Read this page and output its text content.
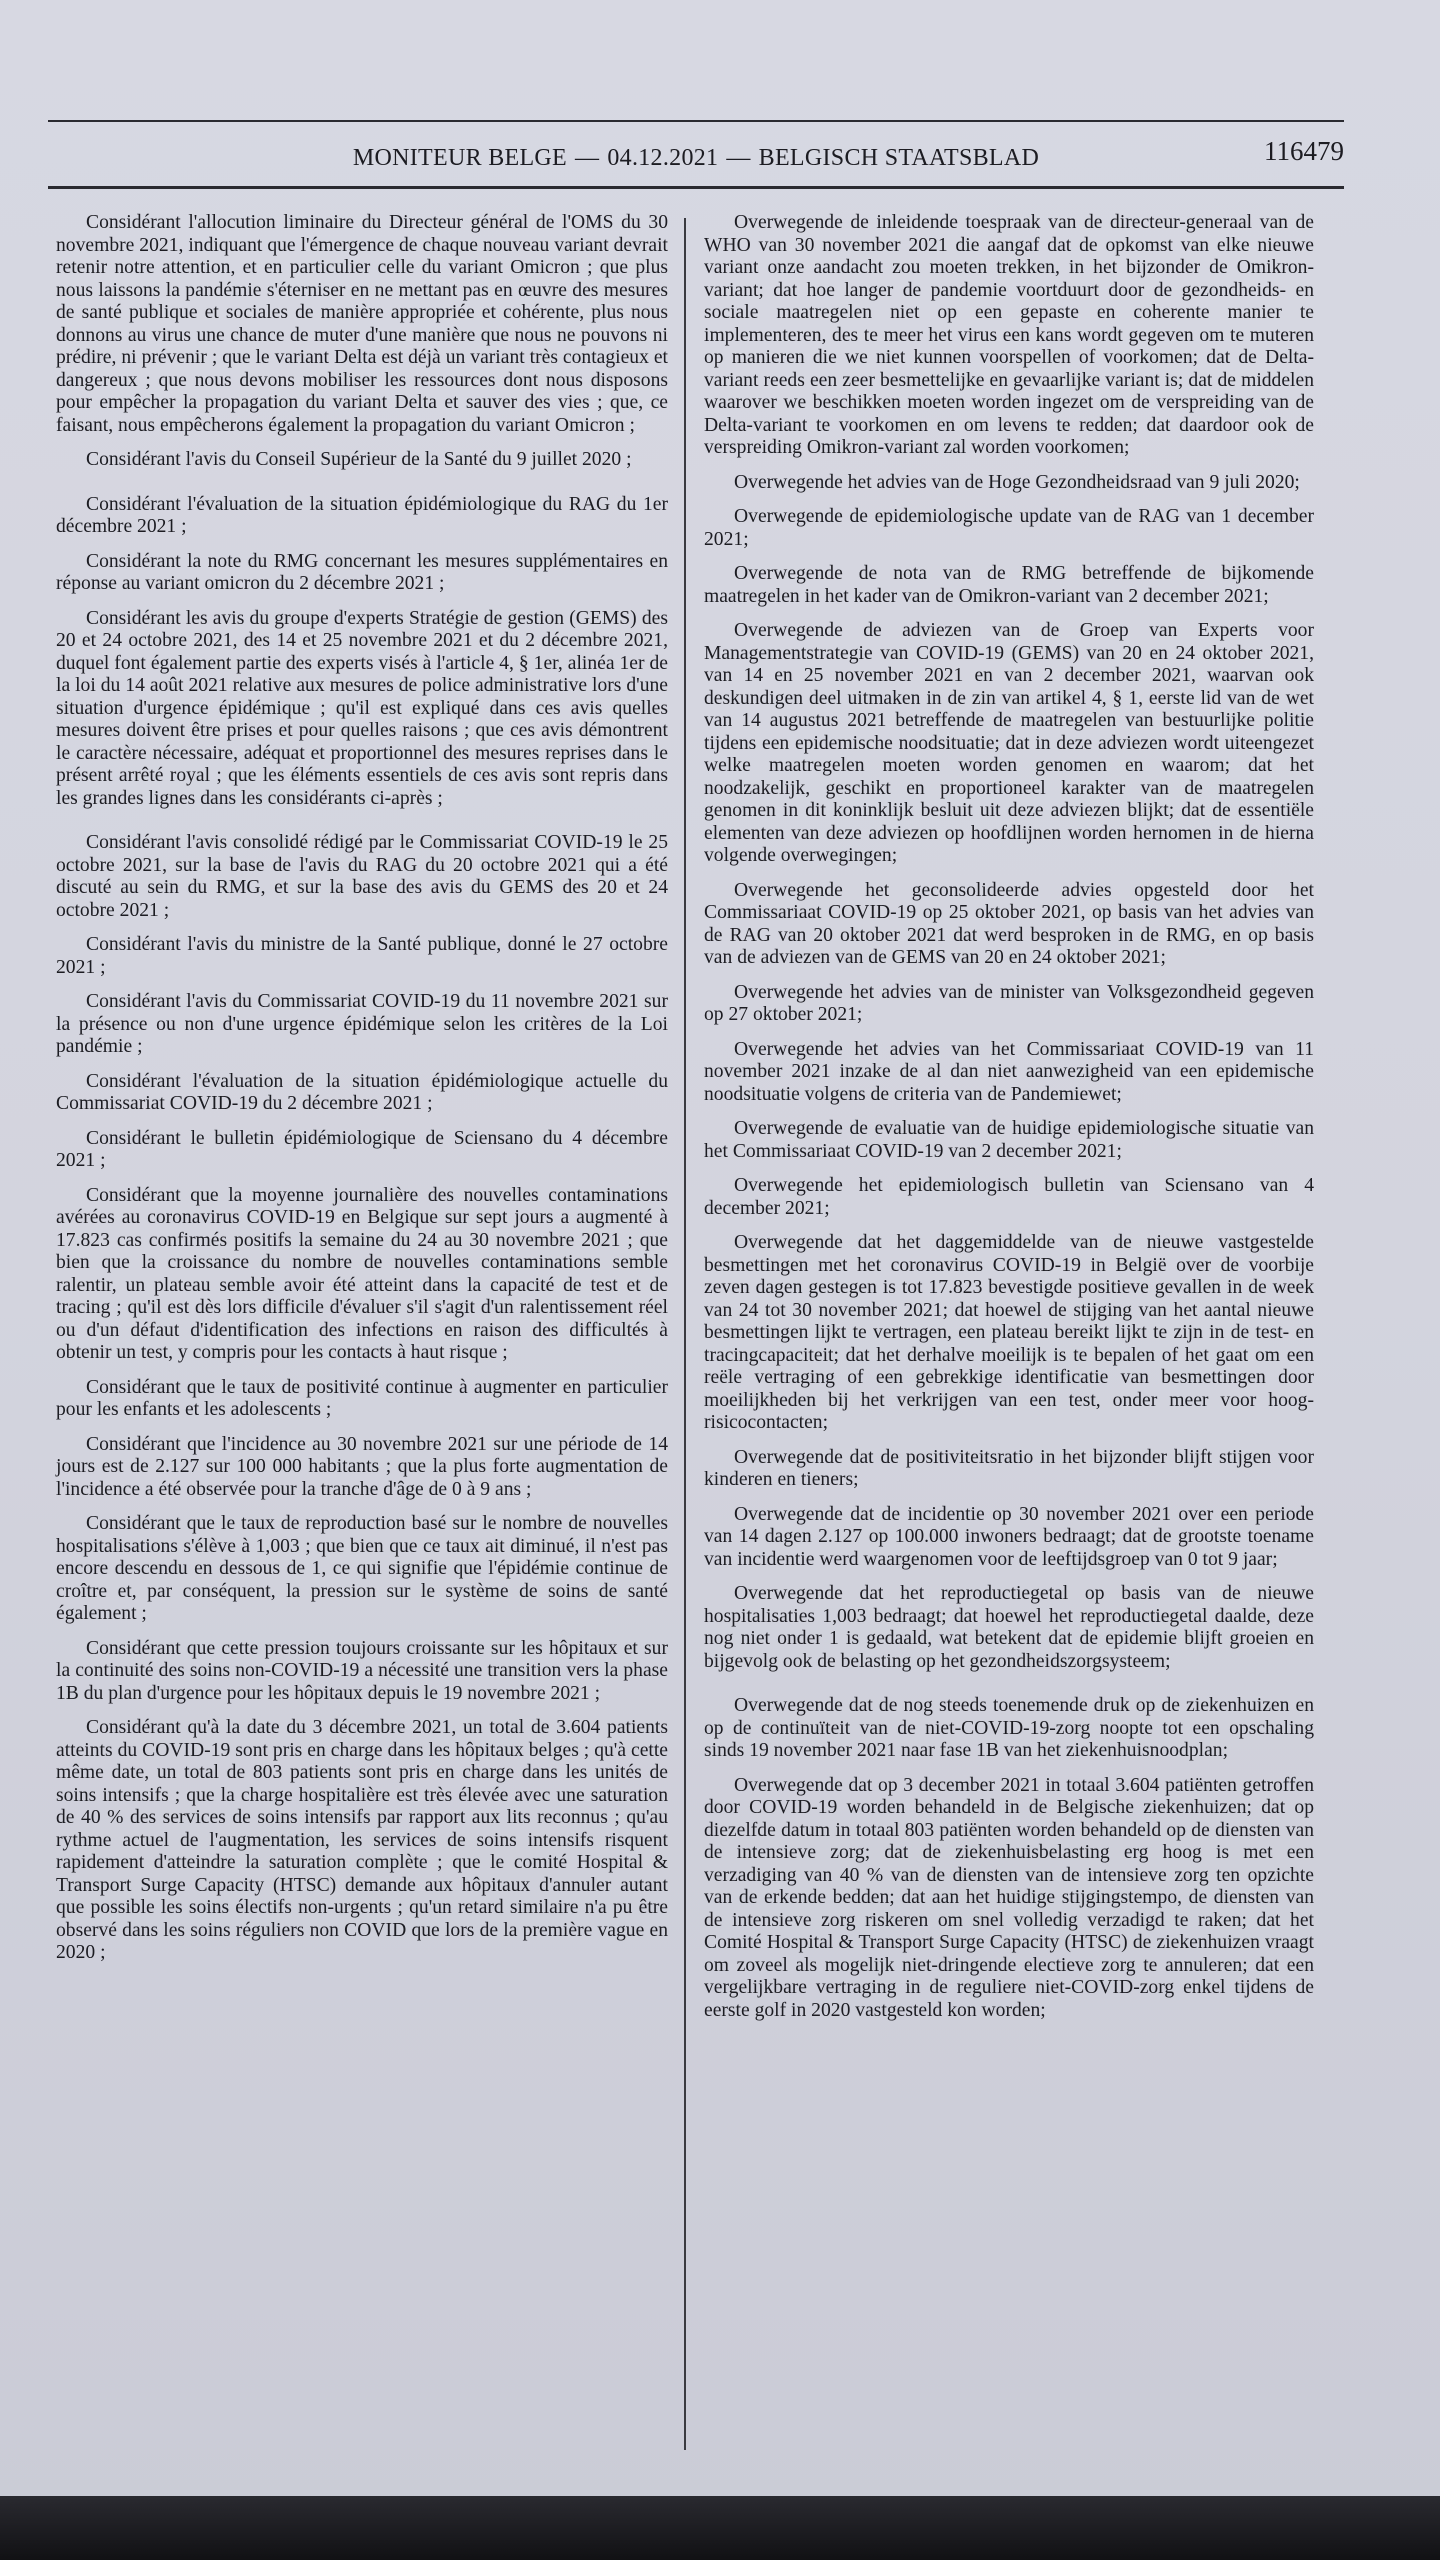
MONITEUR BELGE — 04.12.2021 — BELGISCH STAATSBLAD	116479

Considérant l'allocution liminaire du Directeur général de l'OMS du 30 novembre 2021, indiquant que l'émergence de chaque nouveau variant devrait retenir notre attention, et en particulier celle du variant Omicron ; que plus nous laissons la pandémie s'éterniser en ne mettant pas en œuvre des mesures de santé publique et sociales de manière appropriée et cohérente, plus nous donnons au virus une chance de muter d'une manière que nous ne pouvons ni prédire, ni prévenir ; que le variant Delta est déjà un variant très contagieux et dangereux ; que nous devons mobiliser les ressources dont nous disposons pour empêcher la propagation du variant Delta et sauver des vies ; que, ce faisant, nous empêcherons également la propagation du variant Omicron ;

Considérant l'avis du Conseil Supérieur de la Santé du 9 juillet 2020 ;

Considérant l'évaluation de la situation épidémiologique du RAG du 1er décembre 2021 ;

Considérant la note du RMG concernant les mesures supplémentaires en réponse au variant omicron du 2 décembre 2021 ;

Considérant les avis du groupe d'experts Stratégie de gestion (GEMS) des 20 et 24 octobre 2021, des 14 et 25 novembre 2021 et du 2 décembre 2021, duquel font également partie des experts visés à l'article 4, § 1er, alinéa 1er de la loi du 14 août 2021 relative aux mesures de police administrative lors d'une situation d'urgence épidémique ; qu'il est expliqué dans ces avis quelles mesures doivent être prises et pour quelles raisons ; que ces avis démontrent le caractère nécessaire, adéquat et proportionnel des mesures reprises dans le présent arrêté royal ; que les éléments essentiels de ces avis sont repris dans les grandes lignes dans les considérants ci-après ;

Considérant l'avis consolidé rédigé par le Commissariat COVID-19 le 25 octobre 2021, sur la base de l'avis du RAG du 20 octobre 2021 qui a été discuté au sein du RMG, et sur la base des avis du GEMS des 20 et 24 octobre 2021 ;

Considérant l'avis du ministre de la Santé publique, donné le 27 octobre 2021 ;

Considérant l'avis du Commissariat COVID-19 du 11 novembre 2021 sur la présence ou non d'une urgence épidémique selon les critères de la Loi pandémie ;

Considérant l'évaluation de la situation épidémiologique actuelle du Commissariat COVID-19 du 2 décembre 2021 ;

Considérant le bulletin épidémiologique de Sciensano du 4 décembre 2021 ;

Considérant que la moyenne journalière des nouvelles contaminations avérées au coronavirus COVID-19 en Belgique sur sept jours a augmenté à 17.823 cas confirmés positifs la semaine du 24 au 30 novembre 2021 ; que bien que la croissance du nombre de nouvelles contaminations semble ralentir, un plateau semble avoir été atteint dans la capacité de test et de tracing ; qu'il est dès lors difficile d'évaluer s'il s'agit d'un ralentissement réel ou d'un défaut d'identification des infections en raison des difficultés à obtenir un test, y compris pour les contacts à haut risque ;

Considérant que le taux de positivité continue à augmenter en particulier pour les enfants et les adolescents ;

Considérant que l'incidence au 30 novembre 2021 sur une période de 14 jours est de 2.127 sur 100 000 habitants ; que la plus forte augmentation de l'incidence a été observée pour la tranche d'âge de 0 à 9 ans ;

Considérant que le taux de reproduction basé sur le nombre de nouvelles hospitalisations s'élève à 1,003 ; que bien que ce taux ait diminué, il n'est pas encore descendu en dessous de 1, ce qui signifie que l'épidémie continue de croître et, par conséquent, la pression sur le système de soins de santé également ;

Considérant que cette pression toujours croissante sur les hôpitaux et sur la continuité des soins non-COVID-19 a nécessité une transition vers la phase 1B du plan d'urgence pour les hôpitaux depuis le 19 novembre 2021 ;

Considérant qu'à la date du 3 décembre 2021, un total de 3.604 patients atteints du COVID-19 sont pris en charge dans les hôpitaux belges ; qu'à cette même date, un total de 803 patients sont pris en charge dans les unités de soins intensifs ; que la charge hospitalière est très élevée avec une saturation de 40 % des services de soins intensifs par rapport aux lits reconnus ; qu'au rythme actuel de l'augmentation, les services de soins intensifs risquent rapidement d'atteindre la saturation complète ; que le comité Hospital & Transport Surge Capacity (HTSC) demande aux hôpitaux d'annuler autant que possible les soins électifs non-urgents ; qu'un retard similaire n'a pu être observé dans les soins réguliers non COVID que lors de la première vague en 2020 ;

Overwegende de inleidende toespraak van de directeur-generaal van de WHO van 30 november 2021 die aangaf dat de opkomst van elke nieuwe variant onze aandacht zou moeten trekken, in het bijzonder de Omikron-variant; dat hoe langer de pandemie voortduurt door de gezondheids- en sociale maatregelen niet op een gepaste en coherente manier te implementeren, des te meer het virus een kans wordt gegeven om te muteren op manieren die we niet kunnen voorspellen of voorkomen; dat de Delta-variant reeds een zeer besmettelijke en gevaarlijke variant is; dat de middelen waarover we beschikken moeten worden ingezet om de verspreiding van de Delta-variant te voorkomen en om levens te redden; dat daardoor ook de verspreiding Omikron-variant zal worden voorkomen;

Overwegende het advies van de Hoge Gezondheidsraad van 9 juli 2020;

Overwegende de epidemiologische update van de RAG van 1 december 2021;

Overwegende de nota van de RMG betreffende de bijkomende maatregelen in het kader van de Omikron-variant van 2 december 2021;

Overwegende de adviezen van de Groep van Experts voor Managementstrategie van COVID-19 (GEMS) van 20 en 24 oktober 2021, van 14 en 25 november 2021 en van 2 december 2021, waarvan ook deskundigen deel uitmaken in de zin van artikel 4, § 1, eerste lid van de wet van 14 augustus 2021 betreffende de maatregelen van bestuurlijke politie tijdens een epidemische noodsituatie; dat in deze adviezen wordt uiteengezet welke maatregelen moeten worden genomen en waarom; dat het noodzakelijk, geschikt en proportioneel karakter van de maatregelen genomen in dit koninklijk besluit uit deze adviezen blijkt; dat de essentiële elementen van deze adviezen op hoofdlijnen worden hernomen in de hierna volgende overwegingen;

Overwegende het geconsolideerde advies opgesteld door het Commissariaat COVID-19 op 25 oktober 2021, op basis van het advies van de RAG van 20 oktober 2021 dat werd besproken in de RMG, en op basis van de adviezen van de GEMS van 20 en 24 oktober 2021;

Overwegende het advies van de minister van Volksgezondheid gegeven op 27 oktober 2021;

Overwegende het advies van het Commissariaat COVID-19 van 11 november 2021 inzake de al dan niet aanwezigheid van een epidemische noodsituatie volgens de criteria van de Pandemiewet;

Overwegende de evaluatie van de huidige epidemiologische situatie van het Commissariaat COVID-19 van 2 december 2021;

Overwegende het epidemiologisch bulletin van Sciensano van 4 december 2021;

Overwegende dat het daggemiddelde van de nieuwe vastgestelde besmettingen met het coronavirus COVID-19 in België over de voorbije zeven dagen gestegen is tot 17.823 bevestigde positieve gevallen in de week van 24 tot 30 november 2021; dat hoewel de stijging van het aantal nieuwe besmettingen lijkt te vertragen, een plateau bereikt lijkt te zijn in de test- en tracingcapaciteit; dat het derhalve moeilijk is te bepalen of het gaat om een reële vertraging of een gebrekkige identificatie van besmettingen door moeilijkheden bij het verkrijgen van een test, onder meer voor hoog-risicocontacten;

Overwegende dat de positiviteitsratio in het bijzonder blijft stijgen voor kinderen en tieners;

Overwegende dat de incidentie op 30 november 2021 over een periode van 14 dagen 2.127 op 100.000 inwoners bedraagt; dat de grootste toename van incidentie werd waargenomen voor de leeftijdsgroep van 0 tot 9 jaar;

Overwegende dat het reproductiegetal op basis van de nieuwe hospitalisaties 1,003 bedraagt; dat hoewel het reproductiegetal daalde, deze nog niet onder 1 is gedaald, wat betekent dat de epidemie blijft groeien en bijgevolg ook de belasting op het gezondheidszorgsysteem;

Overwegende dat de nog steeds toenemende druk op de ziekenhuizen en op de continuïteit van de niet-COVID-19-zorg noopte tot een opschaling sinds 19 november 2021 naar fase 1B van het ziekenhuisnoodplan;

Overwegende dat op 3 december 2021 in totaal 3.604 patiënten getroffen door COVID-19 worden behandeld in de Belgische ziekenhuizen; dat op diezelfde datum in totaal 803 patiënten worden behandeld op de diensten van de intensieve zorg; dat de ziekenhuisbelasting erg hoog is met een verzadiging van 40 % van de diensten van de intensieve zorg ten opzichte van de erkende bedden; dat aan het huidige stijgingstempo, de diensten van de intensieve zorg riskeren om snel volledig verzadigd te raken; dat het Comité Hospital & Transport Surge Capacity (HTSC) de ziekenhuizen vraagt om zoveel als mogelijk niet-dringende electieve zorg te annuleren; dat een vergelijkbare vertraging in de reguliere niet-COVID-zorg enkel tijdens de eerste golf in 2020 vastgesteld kon worden;
